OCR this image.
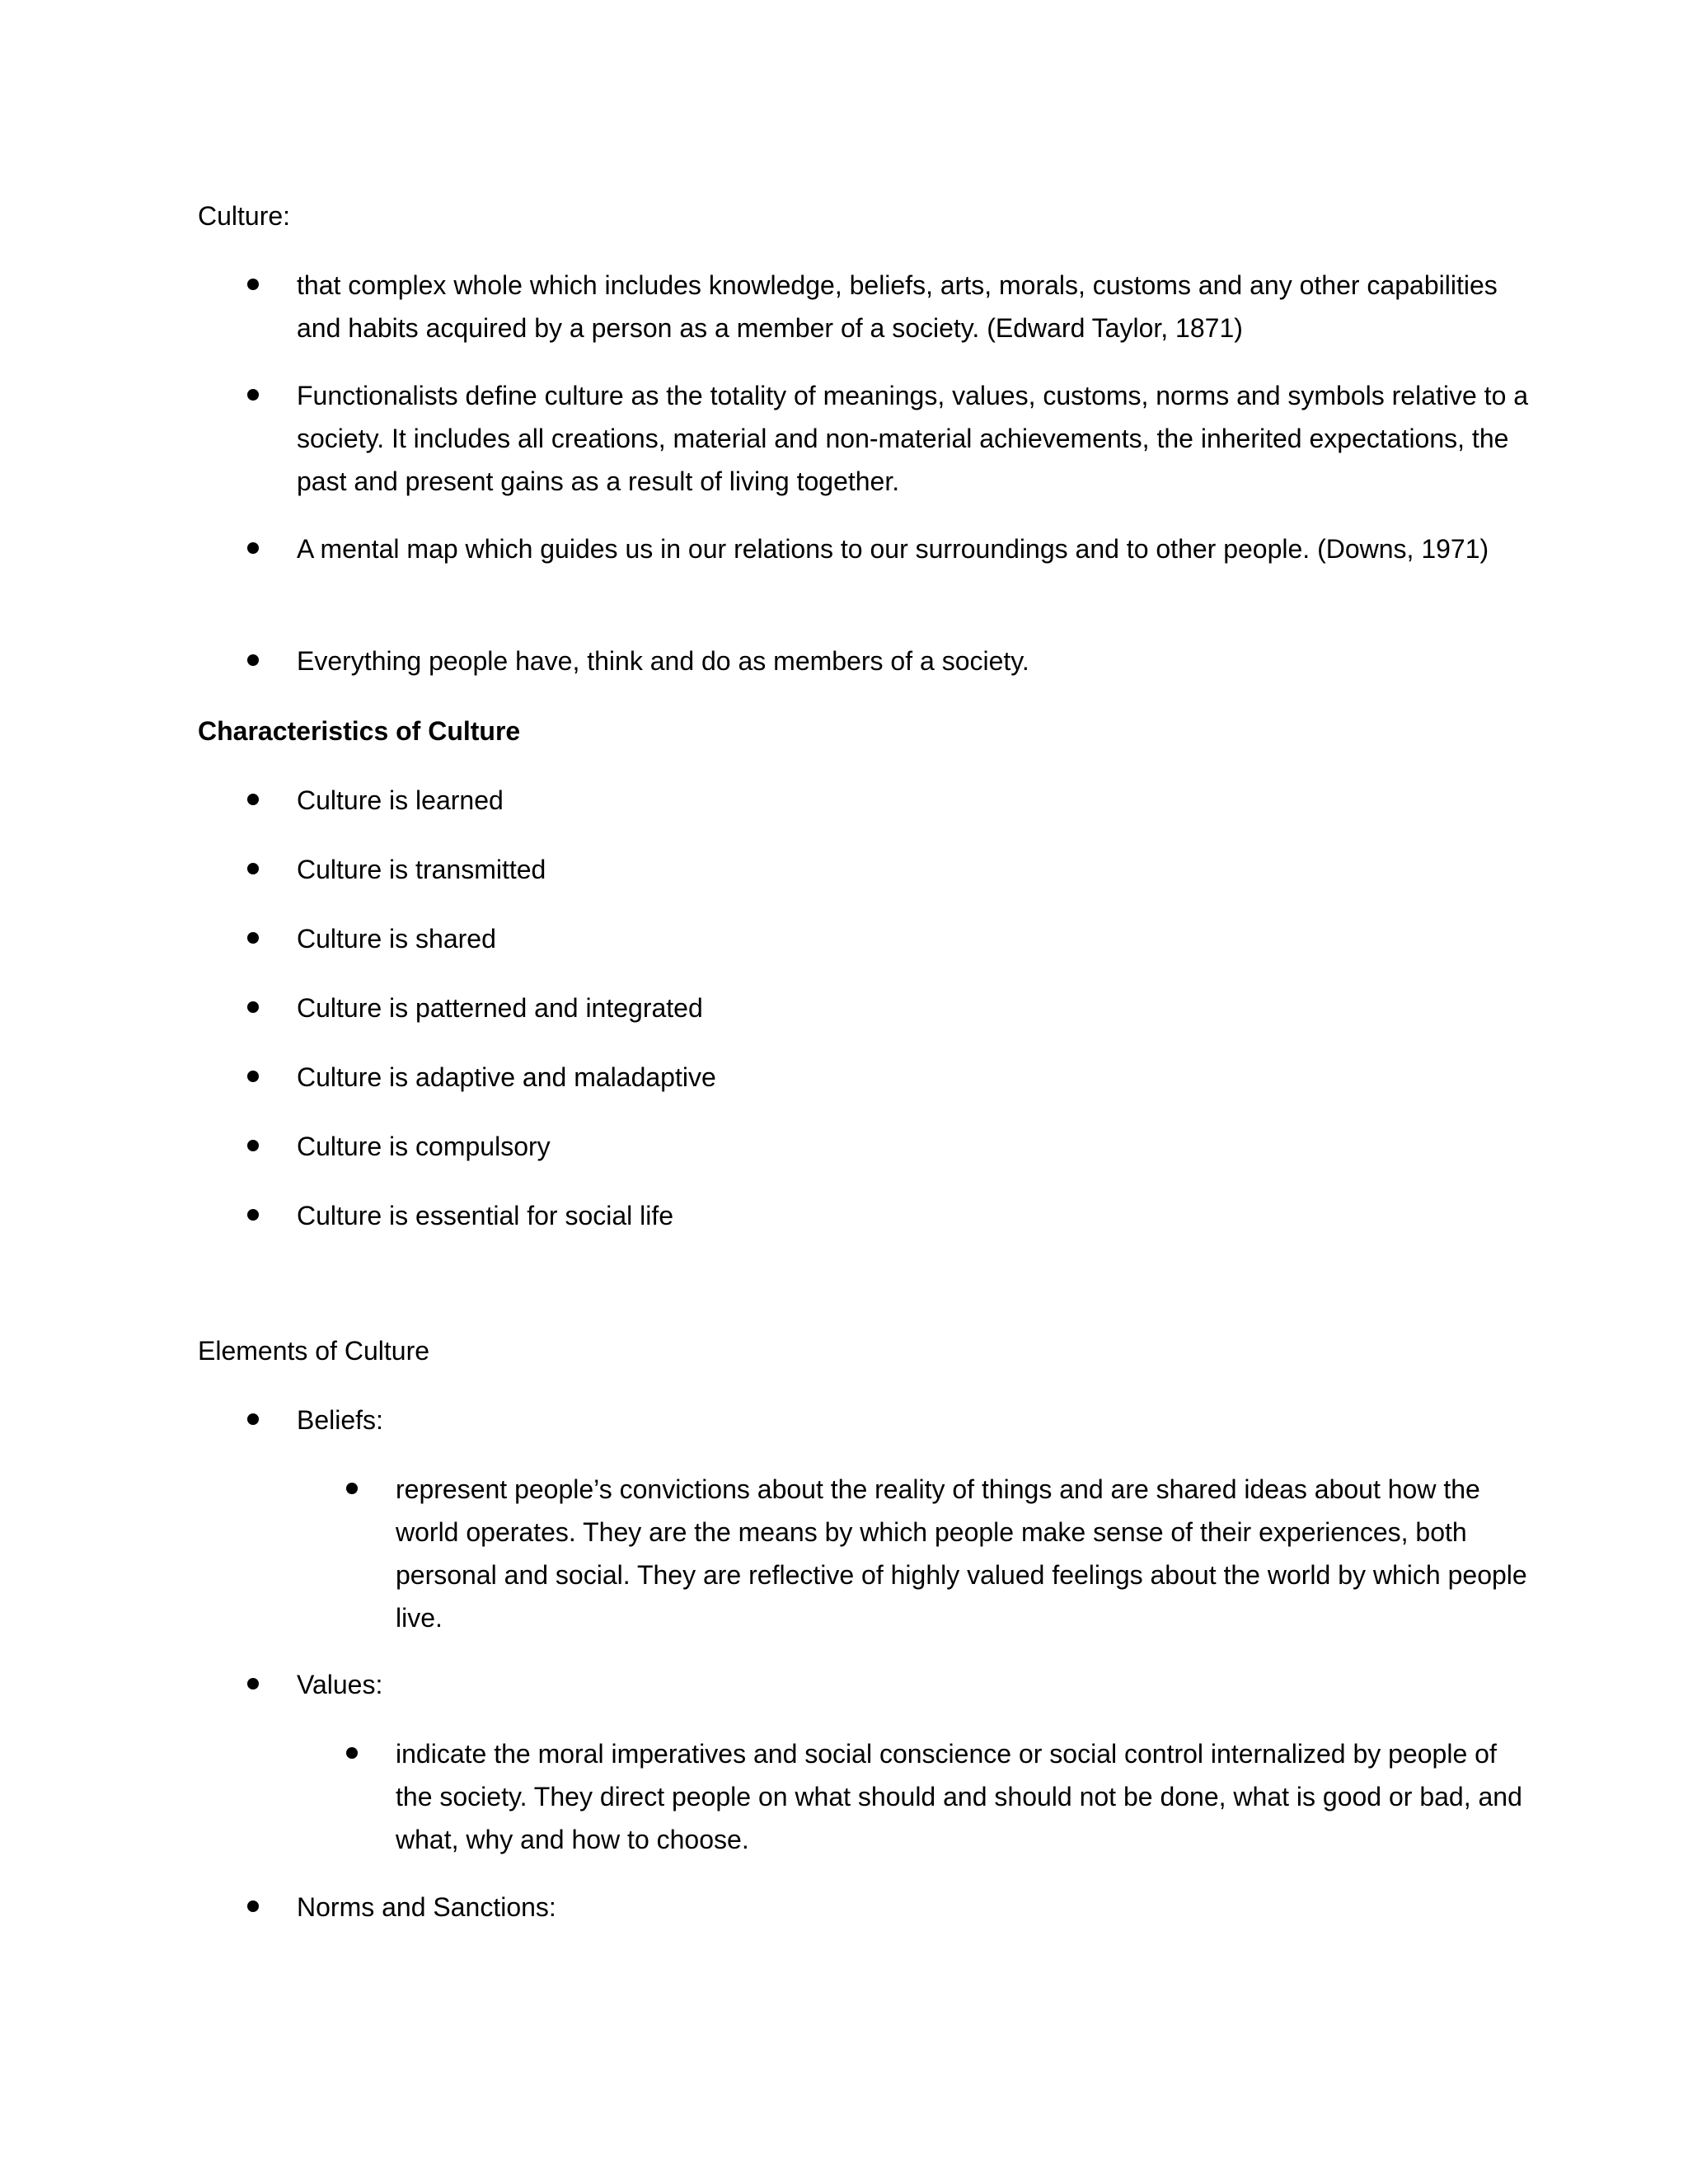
Culture:

that complex whole which includes knowledge, beliefs, arts, morals, customs and any other capabilities and habits acquired by a person as a member of a society. (Edward Taylor, 1871)
Functionalists define culture as the totality of meanings, values, customs, norms and symbols relative to a society. It includes all creations, material and non-material achievements, the inherited expectations, the past and present gains as a result of living together.
A mental map which guides us in our relations to our surroundings and to other people. (Downs, 1971)
Everything people have, think and do as members of a society.

Characteristics of Culture

Culture is learned
Culture is transmitted
Culture is shared
Culture is patterned and integrated
Culture is adaptive and maladaptive
Culture is compulsory
Culture is essential for social life

Elements of Culture

Beliefs:
represent people’s convictions about the reality of things and are shared ideas about how the world operates. They are the means by which people make sense of their experiences, both personal and social. They are reflective of highly valued feelings about the world by which people live.
Values:
indicate the moral imperatives and social conscience or social control internalized by people of the society. They direct people on what should and should not be done, what is good or bad, and what, why and how to choose.
Norms and Sanctions:
